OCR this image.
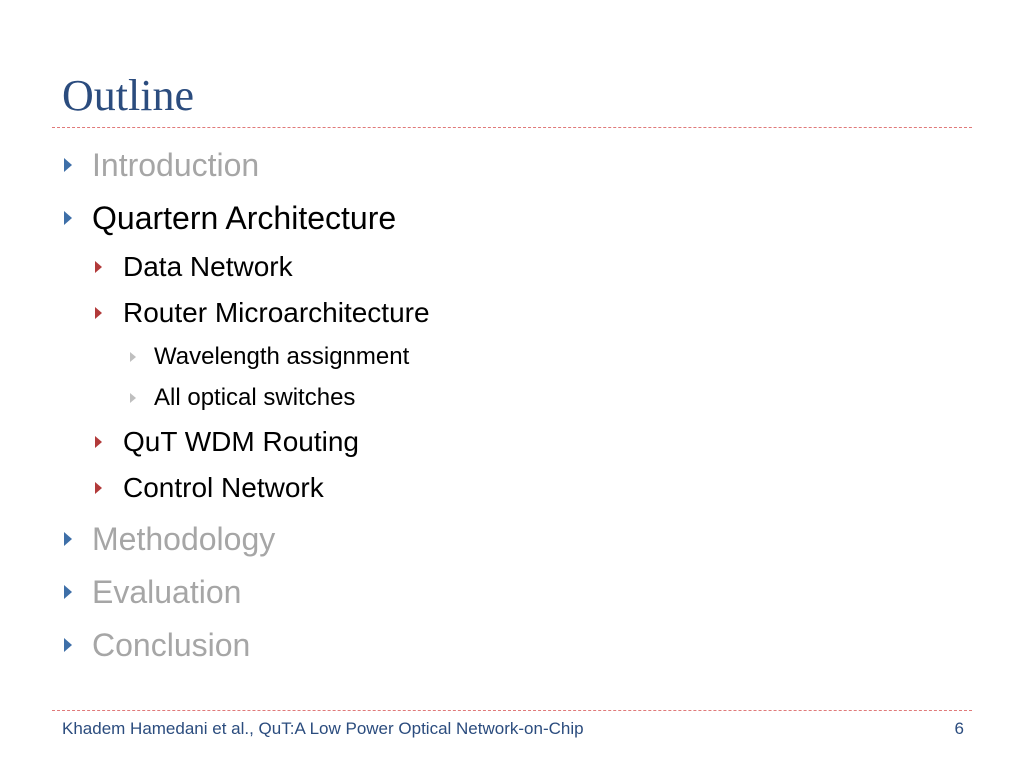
Outline
Introduction
Quartern Architecture
Data Network
Router Microarchitecture
Wavelength assignment
All optical switches
QuT WDM Routing
Control Network
Methodology
Evaluation
Conclusion
Khadem Hamedani et al., QuT:A Low Power Optical Network-on-Chip	6
